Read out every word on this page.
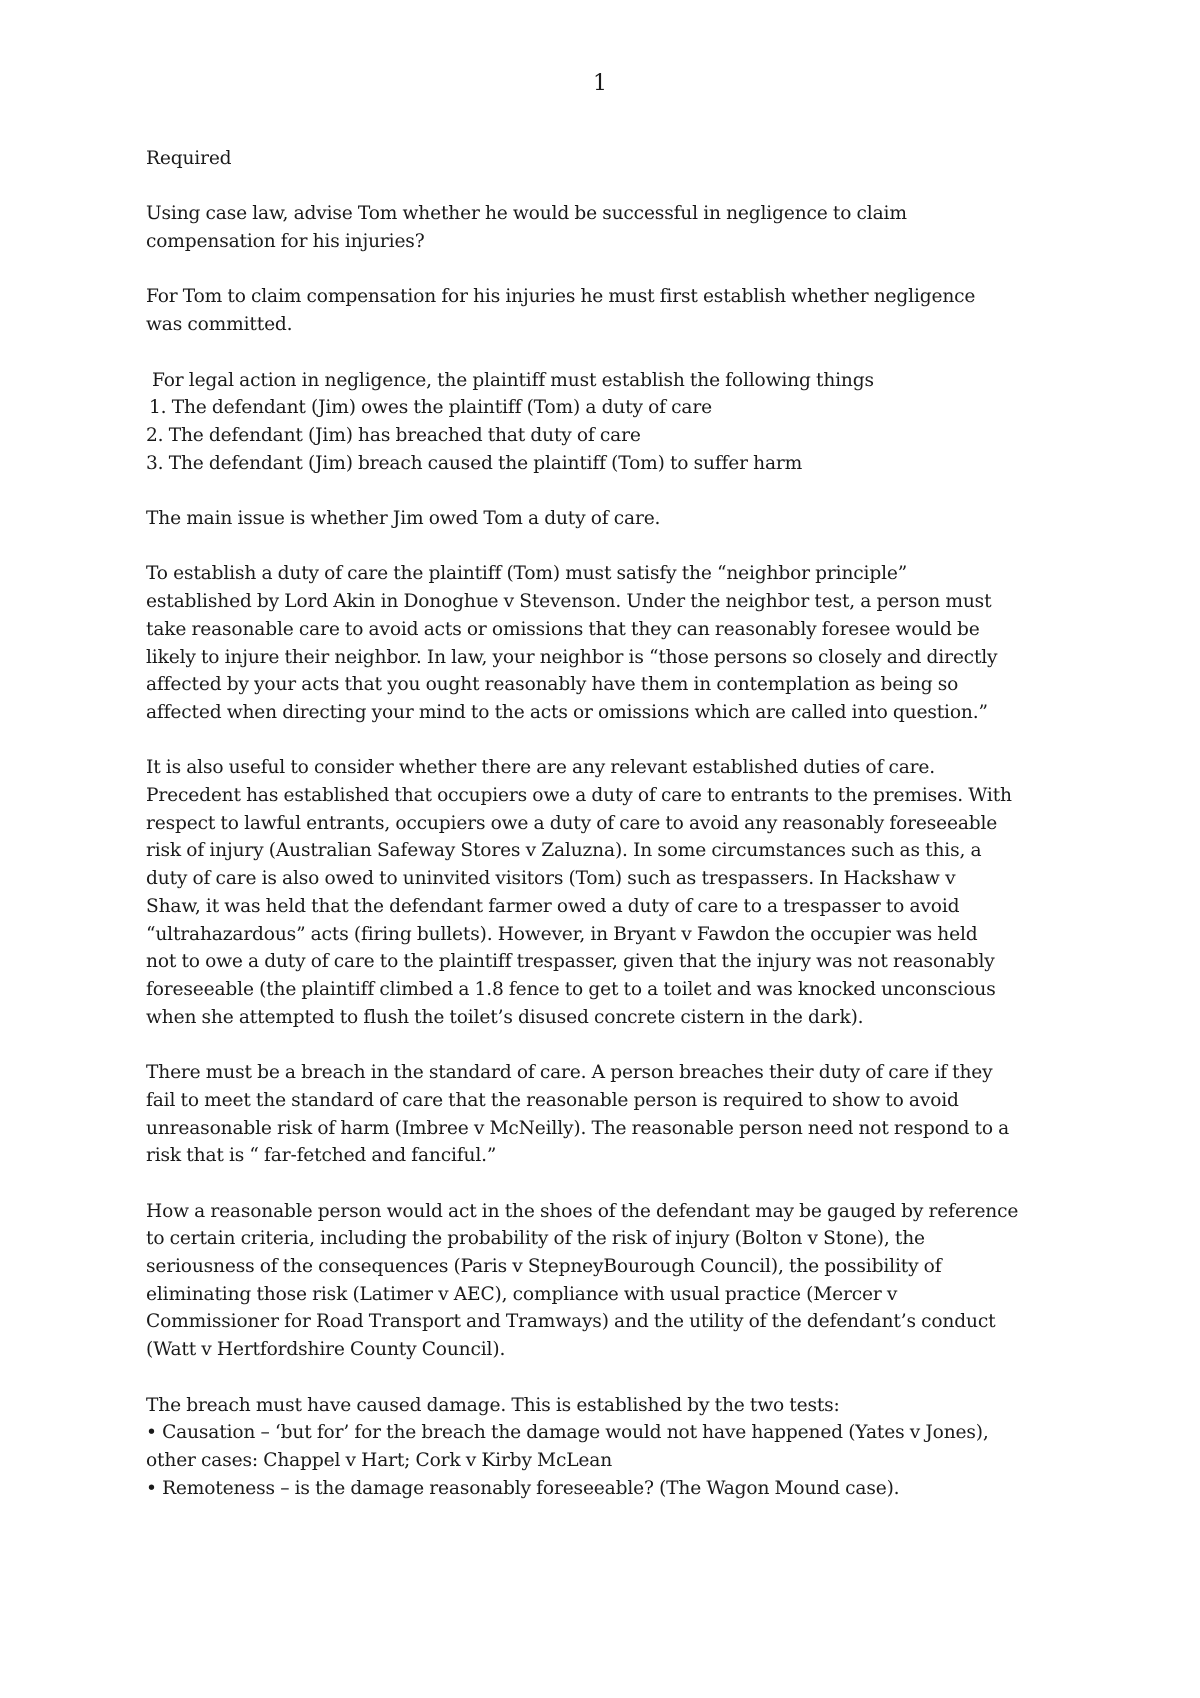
1

Required

Using case law, advise Tom whether he would be successful in negligence to claim
compensation for his injuries?

For Tom to claim compensation for his injuries he must first establish whether negligence
was committed.

For legal action in negligence, the plaintiff must establish the following things
1. The defendant (Jim) owes the plaintiff (Tom) a duty of care
2. The defendant (Jim) has breached that duty of care
3. The defendant (Jim) breach caused the plaintiff (Tom) to suffer harm

The main issue is whether Jim owed Tom a duty of care.

To establish a duty of care the plaintiff (Tom) must satisfy the “neighbor principle”
established by Lord Akin in Donoghue v Stevenson. Under the neighbor test, a person must
take reasonable care to avoid acts or omissions that they can reasonably foresee would be
likely to injure their neighbor. In law, your neighbor is “those persons so closely and directly
affected by your acts that you ought reasonably have them in contemplation as being so
affected when directing your mind to the acts or omissions which are called into question.”

It is also useful to consider whether there are any relevant established duties of care.
Precedent has established that occupiers owe a duty of care to entrants to the premises. With
respect to lawful entrants, occupiers owe a duty of care to avoid any reasonably foreseeable
risk of injury (Australian Safeway Stores v Zaluzna). In some circumstances such as this, a
duty of care is also owed to uninvited visitors (Tom) such as trespassers. In Hackshaw v
Shaw, it was held that the defendant farmer owed a duty of care to a trespasser to avoid
“ultrahazardous” acts (firing bullets). However, in Bryant v Fawdon the occupier was held
not to owe a duty of care to the plaintiff trespasser, given that the injury was not reasonably
foreseeable (the plaintiff climbed a 1.8 fence to get to a toilet and was knocked unconscious
when she attempted to flush the toilet’s disused concrete cistern in the dark).

There must be a breach in the standard of care. A person breaches their duty of care if they
fail to meet the standard of care that the reasonable person is required to show to avoid
unreasonable risk of harm (Imbree v McNeilly). The reasonable person need not respond to a
risk that is “ far-fetched and fanciful.”

How a reasonable person would act in the shoes of the defendant may be gauged by reference
to certain criteria, including the probability of the risk of injury (Bolton v Stone), the
seriousness of the consequences (Paris v StepneyBourough Council), the possibility of
eliminating those risk (Latimer v AEC), compliance with usual practice (Mercer v
Commissioner for Road Transport and Tramways) and the utility of the defendant’s conduct
(Watt v Hertfordshire County Council).

The breach must have caused damage. This is established by the two tests:
• Causation – ‘but for’ for the breach the damage would not have happened (Yates v Jones),
other cases: Chappel v Hart; Cork v Kirby McLean
• Remoteness – is the damage reasonably foreseeable? (The Wagon Mound case).
